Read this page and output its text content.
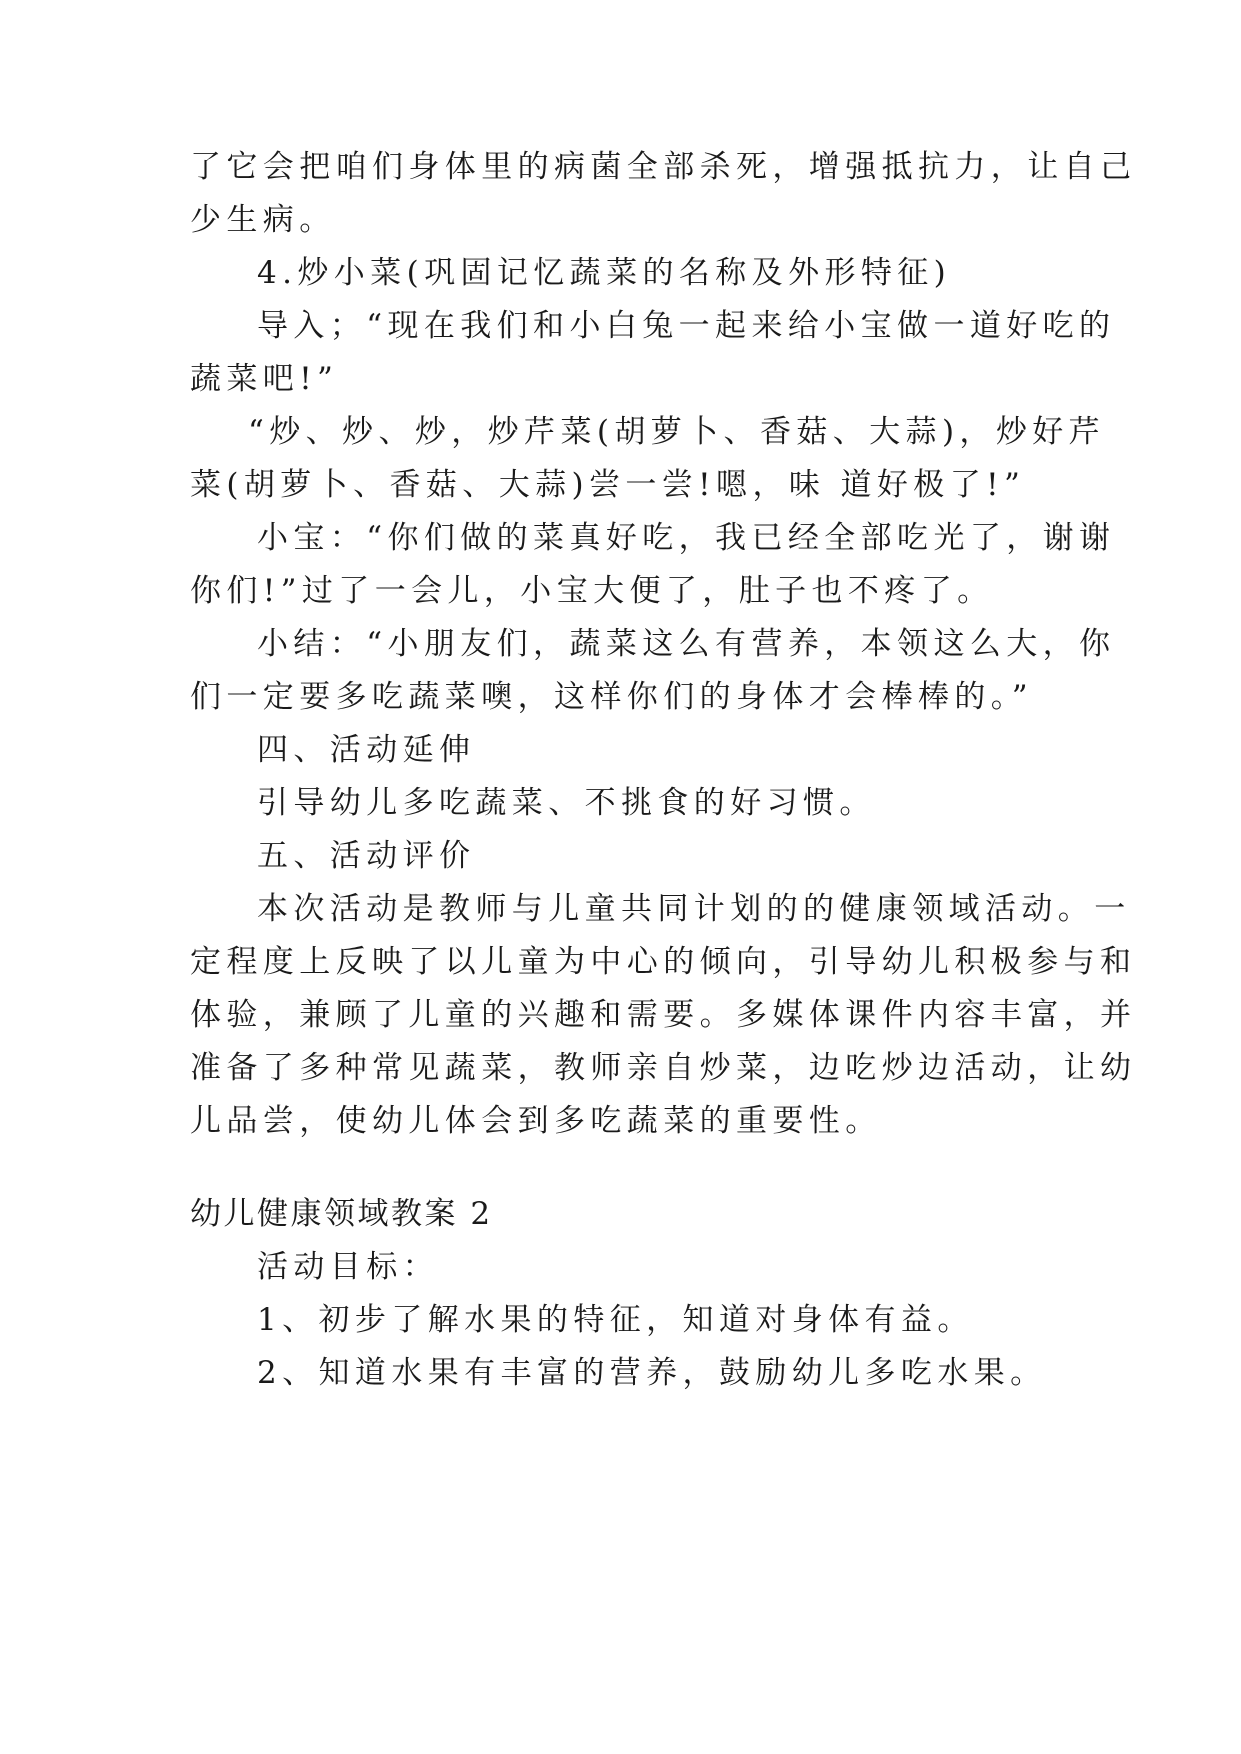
了它会把咱们身体里的病菌全部杀死，增强抵抗力，让自己
少生病。
4.炒小菜(巩固记忆蔬菜的名称及外形特征)
导入；“现在我们和小白兔一起来给小宝做一道好吃的
蔬菜吧!”
“炒、炒、炒，炒芹菜(胡萝卜、香菇、大蒜)，炒好芹
菜(胡萝卜、香菇、大蒜)尝一尝!嗯，味 道好极了!”
小宝：“你们做的菜真好吃，我已经全部吃光了，谢谢
你们!”过了一会儿，小宝大便了，肚子也不疼了。
小结：“小朋友们，蔬菜这么有营养，本领这么大，你
们一定要多吃蔬菜噢，这样你们的身体才会棒棒的。”
四、活动延伸
引导幼儿多吃蔬菜、不挑食的好习惯。
五、活动评价
本次活动是教师与儿童共同计划的的健康领域活动。一
定程度上反映了以儿童为中心的倾向，引导幼儿积极参与和
体验，兼顾了儿童的兴趣和需要。多媒体课件内容丰富，并
准备了多种常见蔬菜，教师亲自炒菜，边吃炒边活动，让幼
儿品尝，使幼儿体会到多吃蔬菜的重要性。
幼儿健康领域教案 2
活动目标：
1、初步了解水果的特征，知道对身体有益。
2、知道水果有丰富的营养，鼓励幼儿多吃水果。
